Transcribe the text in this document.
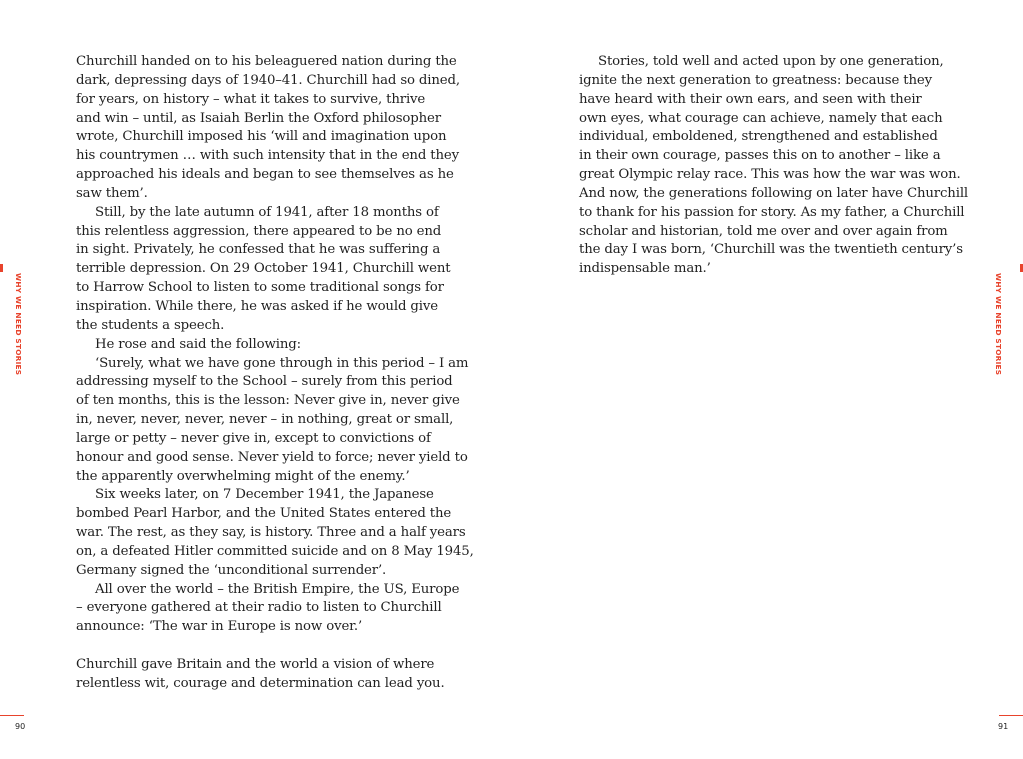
WHY WE NEED STORIES
Churchill handed on to his beleaguered nation during the
dark, depressing days of 1940–41. Churchill had so dined,
for years, on history – what it takes to survive, thrive
and win – until, as Isaiah Berlin the Oxford philosopher
wrote, Churchill imposed his ‘will and imagination upon
his countrymen … with such intensity that in the end they
approached his ideals and began to see themselves as he
saw them’.
Still, by the late autumn of 1941, after 18 months of
this relentless aggression, there appeared to be no end
in sight. Privately, he confessed that he was suffering a
terrible depression. On 29 October 1941, Churchill went
to Harrow School to listen to some traditional songs for
inspiration. While there, he was asked if he would give
the students a speech.
He rose and said the following:
‘Surely, what we have gone through in this period – I am
addressing myself to the School – surely from this period
of ten months, this is the lesson: Never give in, never give
in, never, never, never, never – in nothing, great or small,
large or petty – never give in, except to convictions of
honour and good sense. Never yield to force; never yield to
the apparently overwhelming might of the enemy.’
Six weeks later, on 7 December 1941, the Japanese
bombed Pearl Harbor, and the United States entered the
war. The rest, as they say, is history. Three and a half years
on, a defeated Hitler committed suicide and on 8 May 1945,
Germany signed the ‘unconditional surrender’.
All over the world – the British Empire, the US, Europe
– everyone gathered at their radio to listen to Churchill
announce: ‘The war in Europe is now over.’
Churchill gave Britain and the world a vision of where
relentless wit, courage and determination can lead you.
90
Stories, told well and acted upon by one generation,
ignite the next generation to greatness: because they
have heard with their own ears, and seen with their
own eyes, what courage can achieve, namely that each
individual, emboldened, strengthened and established
in their own courage, passes this on to another – like a
great Olympic relay race. This was how the war was won.
And now, the generations following on later have Churchill
to thank for his passion for story. As my father, a Churchill
scholar and historian, told me over and over again from
the day I was born, ‘Churchill was the twentieth century’s
indispensable man.’
WHY WE NEED STORIES
91
